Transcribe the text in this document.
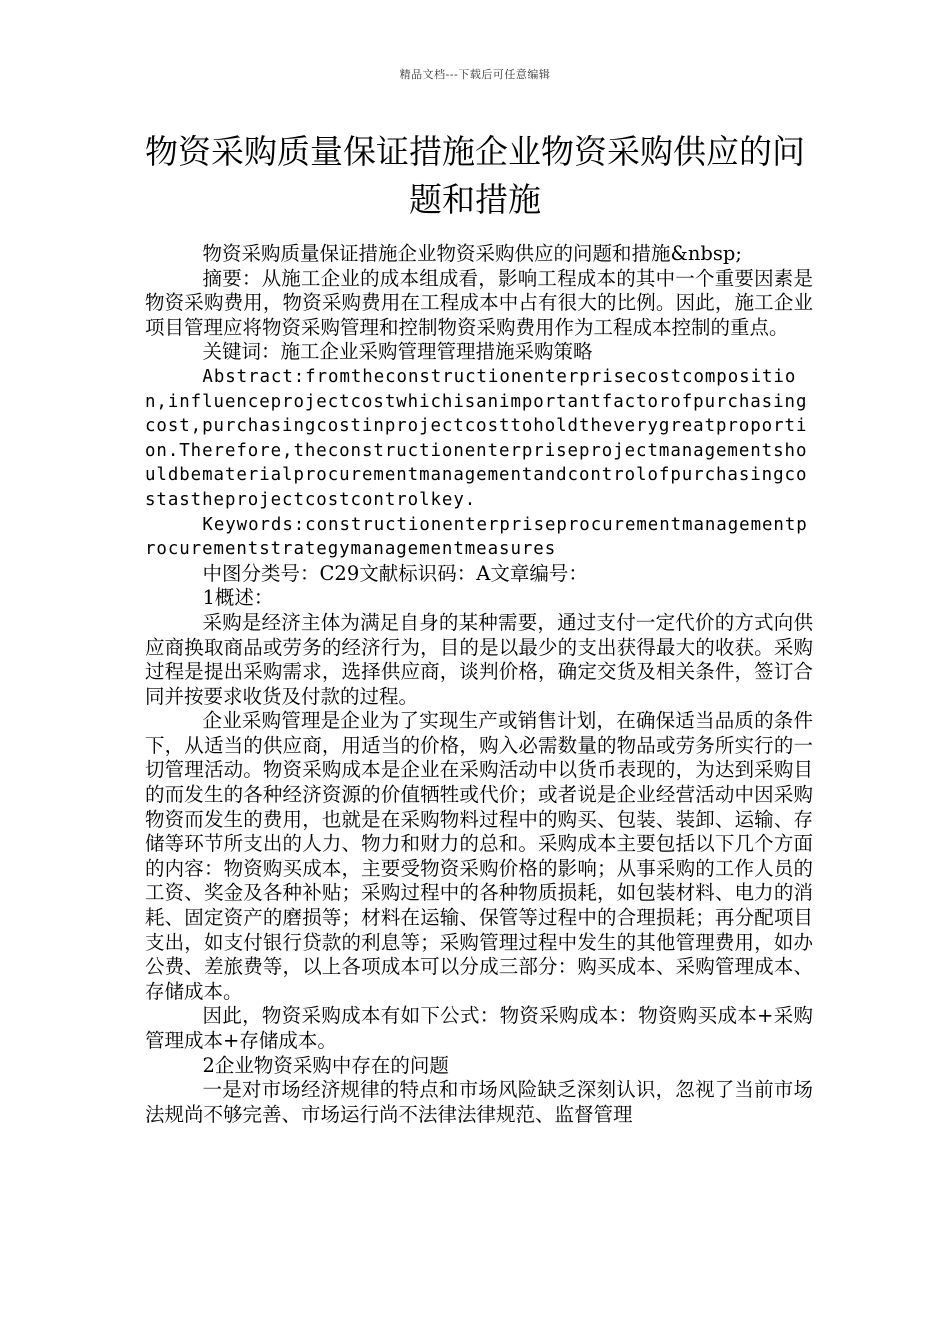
精品文档---下载后可任意编辑
物资采购质量保证措施企业物资采购供应的问题和措施

物资采购质量保证措施企业物资采购供应的问题和措施&nbsp;

摘要：从施工企业的成本组成看，影响工程成本的其中一个重要因素是物资采购费用，物资采购费用在工程成本中占有很大的比例。因此，施工企业项目管理应将物资采购管理和控制物资采购费用作为工程成本控制的重点。

关键词：施工企业采购管理管理措施采购策略

Abstract:fromtheconstructionenterprisecostcomposition,influenceprojectcostwhichisanimportantfactorofpurchasingcost,purchasingcostinprojectcosttoholdtheverygreatproportion.Therefore,theconstructionenterpriseprojectmanagementshouldbematerialprocurementmanagementandcontrolofpurchasingcostastheprojectcostcontrolkey.

Keywords:constructionenterpriseprocurementmanagementprocurementstrategymanagementmeasures

中图分类号：C29文献标识码：A文章编号：

1概述：

采购是经济主体为满足自身的某种需要，通过支付一定代价的方式向供应商换取商品或劳务的经济行为，目的是以最少的支出获得最大的收获。采购过程是提出采购需求，选择供应商，谈判价格，确定交货及相关条件，签订合同并按要求收货及付款的过程。

企业采购管理是企业为了实现生产或销售计划，在确保适当品质的条件下，从适当的供应商，用适当的价格，购入必需数量的物品或劳务所实行的一切管理活动。物资采购成本是企业在采购活动中以货币表现的，为达到采购目的而发生的各种经济资源的价值牺牲或代价；或者说是企业经营活动中因采购物资而发生的费用，也就是在采购物料过程中的购买、包装、装卸、运输、存储等环节所支出的人力、物力和财力的总和。采购成本主要包括以下几个方面的内容：物资购买成本，主要受物资采购价格的影响；从事采购的工作人员的工资、奖金及各种补贴；采购过程中的各种物质损耗，如包装材料、电力的消耗、固定资产的磨损等；材料在运输、保管等过程中的合理损耗；再分配项目支出，如支付银行贷款的利息等；采购管理过程中发生的其他管理费用，如办公费、差旅费等，以上各项成本可以分成三部分：购买成本、采购管理成本、存储成本。

因此，物资采购成本有如下公式：物资采购成本：物资购买成本+采购管理成本+存储成本。

2企业物资采购中存在的问题

一是对市场经济规律的特点和市场风险缺乏深刻认识，忽视了当前市场法规尚不够完善、市场运行尚不法律法律规范、监督管理
